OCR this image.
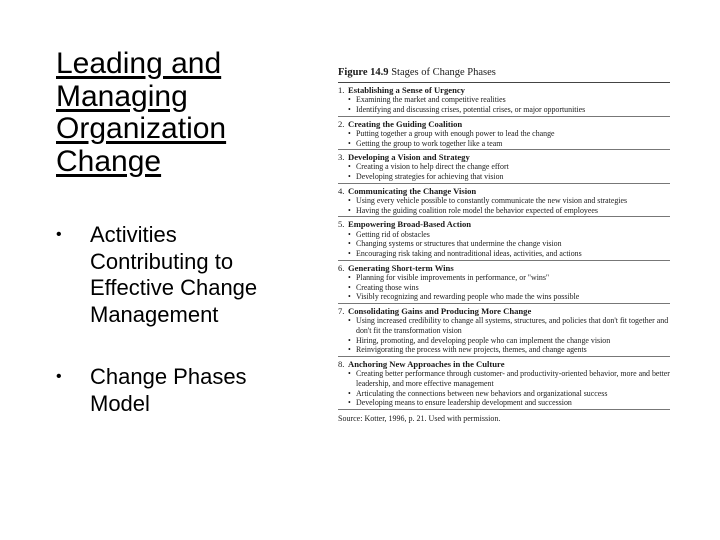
Leading and Managing Organization Change
• Activities Contributing to Effective Change Management
• Change Phases Model
Figure 14.9 Stages of Change Phases
1. Establishing a Sense of Urgency
• Examining the market and competitive realities
• Identifying and discussing crises, potential crises, or major opportunities
2. Creating the Guiding Coalition
• Putting together a group with enough power to lead the change
• Getting the group to work together like a team
3. Developing a Vision and Strategy
• Creating a vision to help direct the change effort
• Developing strategies for achieving that vision
4. Communicating the Change Vision
• Using every vehicle possible to constantly communicate the new vision and strategies
• Having the guiding coalition role model the behavior expected of employees
5. Empowering Broad-Based Action
• Getting rid of obstacles
• Changing systems or structures that undermine the change vision
• Encouraging risk taking and nontraditional ideas, activities, and actions
6. Generating Short-term Wins
• Planning for visible improvements in performance, or "wins"
• Creating those wins
• Visibly recognizing and rewarding people who made the wins possible
7. Consolidating Gains and Producing More Change
• Using increased credibility to change all systems, structures, and policies that don't fit together and don't fit the transformation vision
• Hiring, promoting, and developing people who can implement the change vision
• Reinvigorating the process with new projects, themes, and change agents
8. Anchoring New Approaches in the Culture
• Creating better performance through customer- and productivity-oriented behavior, more and better leadership, and more effective management
• Articulating the connections between new behaviors and organizational success
• Developing means to ensure leadership development and succession
Source: Kotter, 1996, p. 21. Used with permission.
